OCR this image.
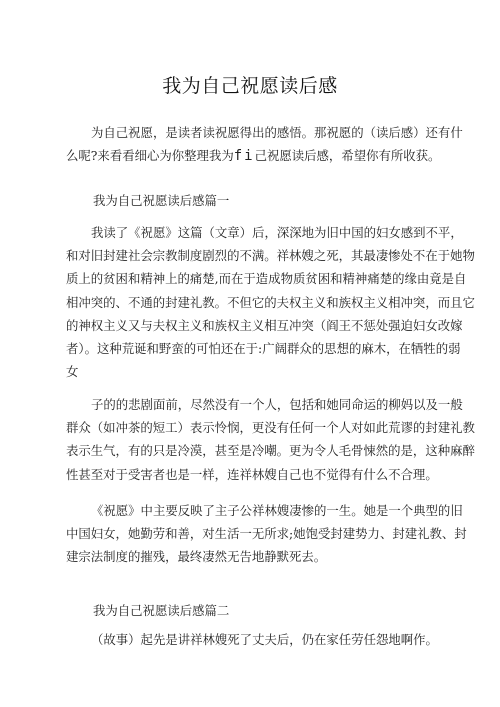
我为自己祝愿读后感
为自己祝愿，是读者读祝愿得出的感悟。那祝愿的（读后感）还有什
么呢?来看看细心为你整理我为fi己祝愿读后感，希望你有所收获。
我为自己祝愿读后感篇一
我读了《祝愿》这篇（文章）后，深深地为旧中国的妇女感到不平，
和对旧封建社会宗教制度剧烈的不满。祥林嫂之死，其最凄惨处不在于她物
质上的贫困和精神上的痛楚,而在于造成物质贫困和精神痛楚的缘由竟是自
相冲突的、不通的封建礼教。不但它的夫权主义和族权主义相冲突，而且它
的神权主义又与夫权主义和族权主义相互冲突（阎王不惩处强迫妇女改嫁
者）。这种荒诞和野蛮的可怕还在于:广阔群众的思想的麻木，在牺牲的弱
女
子的的悲剧面前，尽然没有一个人，包括和她同命运的柳妈以及一般
群众（如冲茶的短工）表示怜悯，更没有任何一个人对如此荒谬的封建礼教
表示生气，有的只是冷漠，甚至是冷嘲。更为令人毛骨悚然的是，这种麻醉
性甚至对于受害者也是一样，连祥林嫂自己也不觉得有什么不合理。
《祝愿》中主要反映了主子公祥林嫂凄惨的一生。她是一个典型的旧
中国妇女，她勤劳和善，对生活一无所求;她饱受封建势力、封建礼教、封
建宗法制度的摧残，最终凄然无告地静默死去。
我为自己祝愿读后感篇二
（故事）起先是讲祥林嫂死了丈夫后，仍在家任劳任怨地啊作。
